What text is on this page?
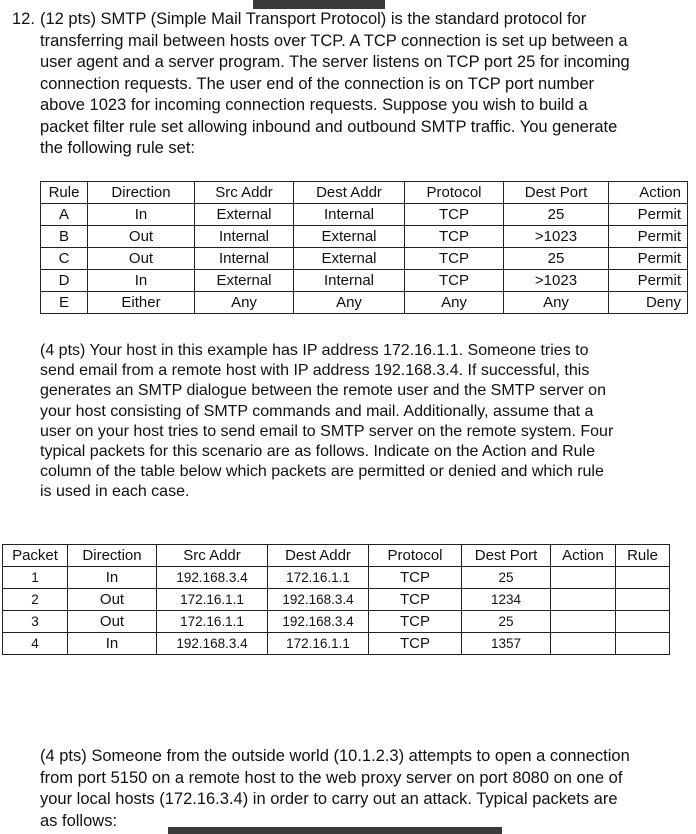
12. (12 pts) SMTP (Simple Mail Transport Protocol) is the standard protocol for
transferring mail between hosts over TCP. A TCP connection is set up between a
user agent and a server program. The server listens on TCP port 25 for incoming
connection requests. The user end of the connection is on TCP port number
above 1023 for incoming connection requests. Suppose you wish to build a
packet filter rule set allowing inbound and outbound SMTP traffic. You generate
the following rule set:

Rule	Direction	Src Addr	Dest Addr	Protocol	Dest Port	Action
A	In	External	Internal	TCP	25	Permit
B	Out	Internal	External	TCP	>1023	Permit
C	Out	Internal	External	TCP	25	Permit
D	In	External	Internal	TCP	>1023	Permit
E	Either	Any	Any	Any	Any	Deny

(4 pts) Your host in this example has IP address 172.16.1.1. Someone tries to
send email from a remote host with IP address 192.168.3.4. If successful, this
generates an SMTP dialogue between the remote user and the SMTP server on
your host consisting of SMTP commands and mail. Additionally, assume that a
user on your host tries to send email to SMTP server on the remote system. Four
typical packets for this scenario are as follows. Indicate on the Action and Rule
column of the table below which packets are permitted or denied and which rule
is used in each case.

Packet	Direction	Src Addr	Dest Addr	Protocol	Dest Port	Action	Rule
1	In	192.168.3.4	172.16.1.1	TCP	25		
2	Out	172.16.1.1	192.168.3.4	TCP	1234		
3	Out	172.16.1.1	192.168.3.4	TCP	25		
4	In	192.168.3.4	172.16.1.1	TCP	1357		

(4 pts) Someone from the outside world (10.1.2.3) attempts to open a connection
from port 5150 on a remote host to the web proxy server on port 8080 on one of
your local hosts (172.16.3.4) in order to carry out an attack. Typical packets are
as follows:
